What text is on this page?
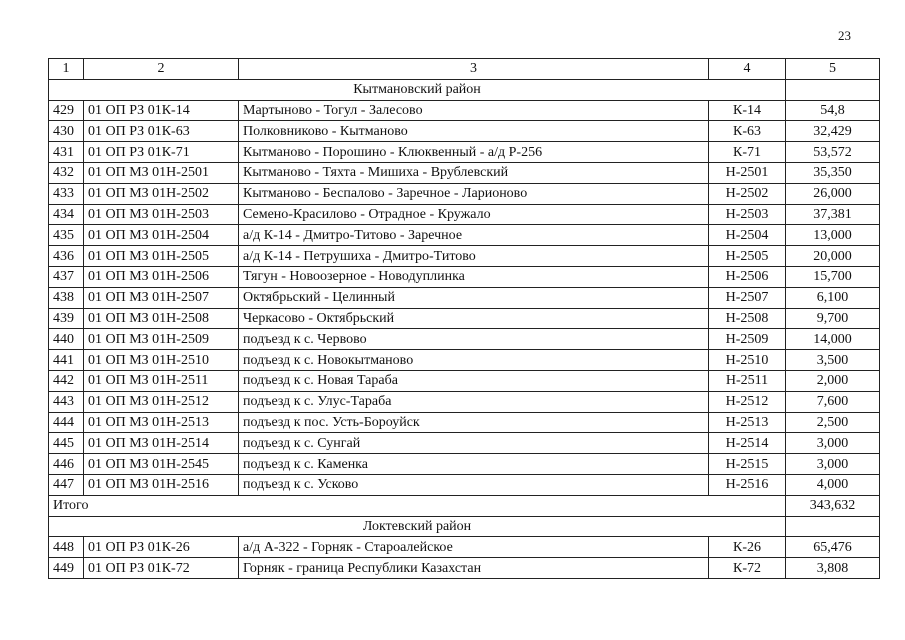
23
1	2	3	4	5
Кытмановский район				
429	01 ОП РЗ 01К-14	Мартыново - Тогул - Залесово	К-14	54,8
430	01 ОП РЗ 01К-63	Полковниково - Кытманово	К-63	32,429
431	01 ОП РЗ 01К-71	Кытманово - Порошино - Клюквенный - а/д Р-256	К-71	53,572
432	01 ОП МЗ 01Н-2501	Кытманово - Тяхта - Мишиха - Врублевский	Н-2501	35,350
433	01 ОП МЗ 01Н-2502	Кытманово - Беспалово - Заречное - Ларионово	Н-2502	26,000
434	01 ОП МЗ 01Н-2503	Семено-Красилово - Отрадное - Кружало	Н-2503	37,381
435	01 ОП МЗ 01Н-2504	а/д К-14 - Дмитро-Титово - Заречное	Н-2504	13,000
436	01 ОП МЗ 01Н-2505	а/д К-14 - Петрушиха - Дмитро-Титово	Н-2505	20,000
437	01 ОП МЗ 01Н-2506	Тягун - Новоозерное - Новодуплинка	Н-2506	15,700
438	01 ОП МЗ 01Н-2507	Октябрьский - Целинный	Н-2507	6,100
439	01 ОП МЗ 01Н-2508	Черкасово - Октябрьский	Н-2508	9,700
440	01 ОП МЗ 01Н-2509	подъезд к с. Червово	Н-2509	14,000
441	01 ОП МЗ 01Н-2510	подъезд к с. Новокытманово	Н-2510	3,500
442	01 ОП МЗ 01Н-2511	подъезд к с. Новая Тараба	Н-2511	2,000
443	01 ОП МЗ 01Н-2512	подъезд к с. Улус-Тараба	Н-2512	7,600
444	01 ОП МЗ 01Н-2513	подъезд к пос. Усть-Бороуйск	Н-2513	2,500
445	01 ОП МЗ 01Н-2514	подъезд к с. Сунгай	Н-2514	3,000
446	01 ОП МЗ 01Н-2545	подъезд к с. Каменка	Н-2515	3,000
447	01 ОП МЗ 01Н-2516	подъезд к с. Усково	Н-2516	4,000
Итого				343,632
Локтевский район				
448	01 ОП РЗ 01К-26	а/д А-322 - Горняк - Староалейское	К-26	65,476
449	01 ОП РЗ 01К-72	Горняк - граница Республики Казахстан	К-72	3,808
